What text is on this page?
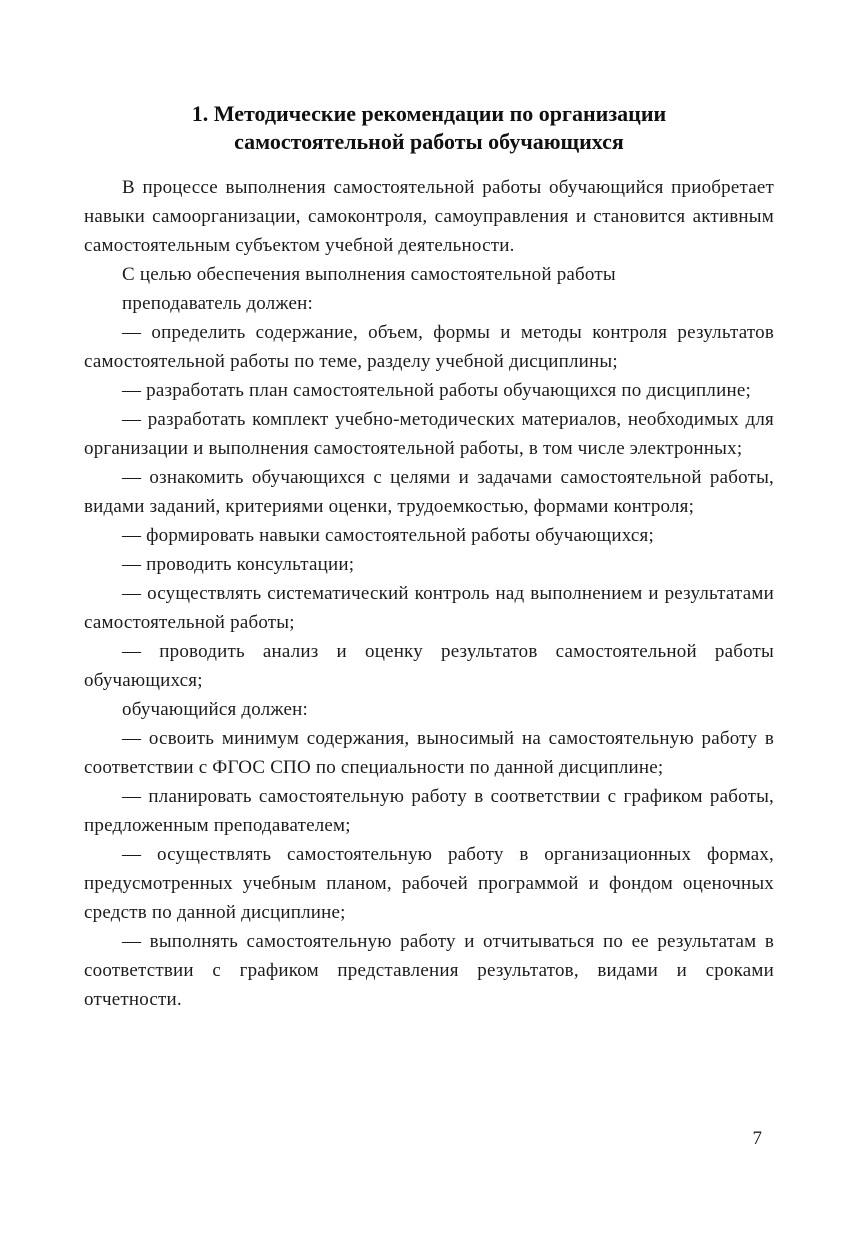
1. Методические рекомендации по организации
самостоятельной работы обучающихся

В процессе выполнения самостоятельной работы обучающийся приобретает навыки самоорганизации, самоконтроля, самоуправления и становится активным самостоятельным субъектом учебной деятельности.

С целью обеспечения выполнения самостоятельной работы

преподаватель должен:

— определить содержание, объем, формы и методы контроля результатов самостоятельной работы по теме, разделу учебной дисциплины;

— разработать план самостоятельной работы обучающихся по дисциплине;

— разработать комплект учебно-методических материалов, необходимых для организации и выполнения самостоятельной работы, в том числе электронных;

— ознакомить обучающихся с целями и задачами самостоятельной работы, видами заданий, критериями оценки, трудоемкостью, формами контроля;

— формировать навыки самостоятельной работы обучающихся;

— проводить консультации;

— осуществлять систематический контроль над выполнением и результатами самостоятельной работы;

— проводить анализ и оценку результатов самостоятельной работы обучающихся;

обучающийся должен:

— освоить минимум содержания, выносимый на самостоятельную работу в соответствии с ФГОС СПО по специальности по данной дисциплине;

— планировать самостоятельную работу в соответствии с графиком работы, предложенным преподавателем;

— осуществлять самостоятельную работу в организационных формах, предусмотренных учебным планом, рабочей программой и фондом оценочных средств по данной дисциплине;

— выполнять самостоятельную работу и отчитываться по ее результатам в соответствии с графиком представления результатов, видами и сроками отчетности.

7
